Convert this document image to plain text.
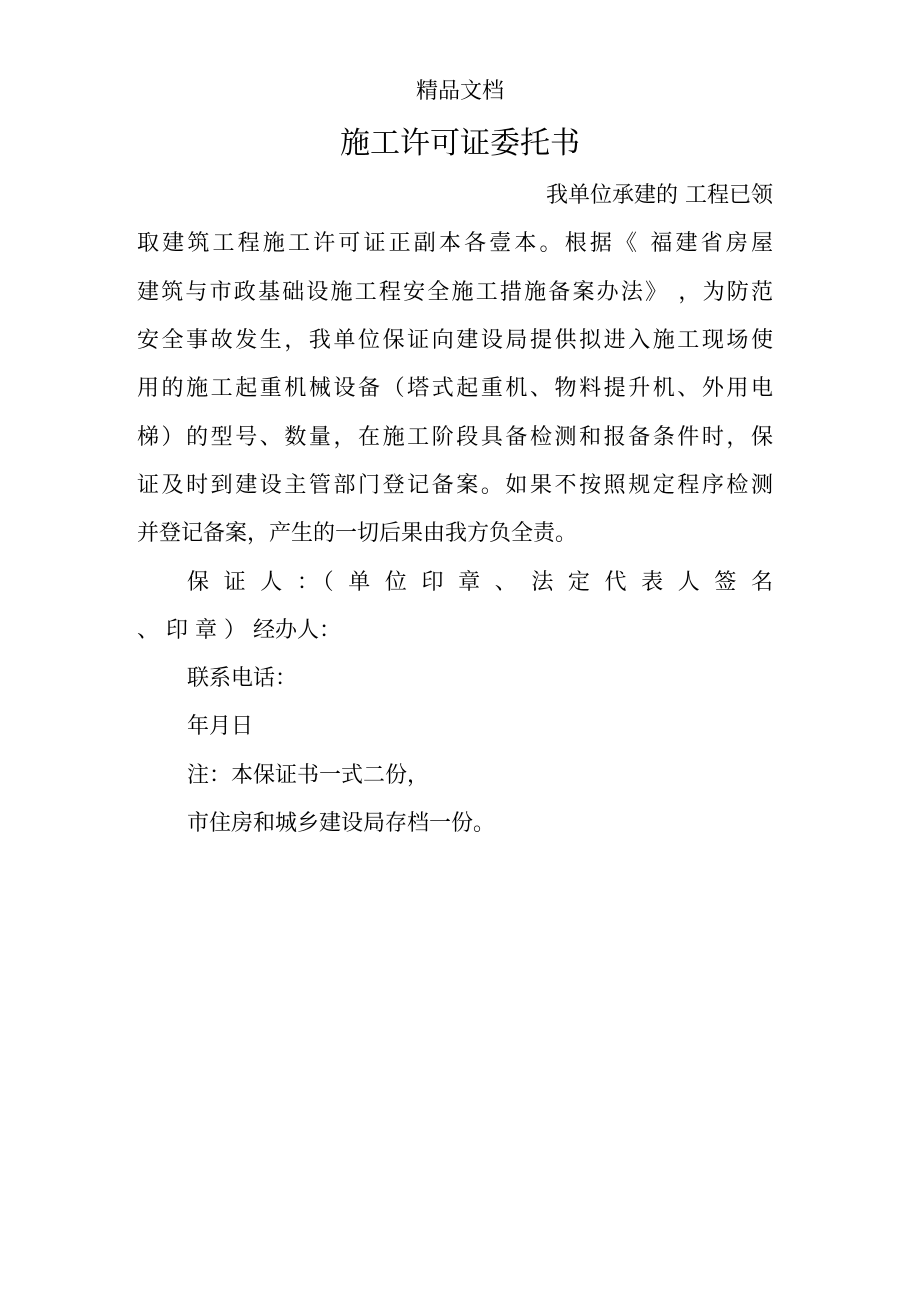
精品文档
施工许可证委托书
我单位承建的 工程已领
取建筑工程施工许可证正副本各壹本。根据《 福建省房屋
建筑与市政基础设施工程安全施工措施备案办法》 ，为防范
安全事故发生，我单位保证向建设局提供拟进入施工现场使
用的施工起重机械设备（塔式起重机、物料提升机、外用电
梯）的型号、数量，在施工阶段具备检测和报备条件时，保
证及时到建设主管部门登记备案。如果不按照规定程序检测
并登记备案，产生的一切后果由我方负全责。
保 证 人 ：（ 单 位 印 章 、 法 定 代 表 人 签 名
、 印 章 ） 经办人：
联系电话：
年月日
注：本保证书一式二份，
市住房和城乡建设局存档一份。
